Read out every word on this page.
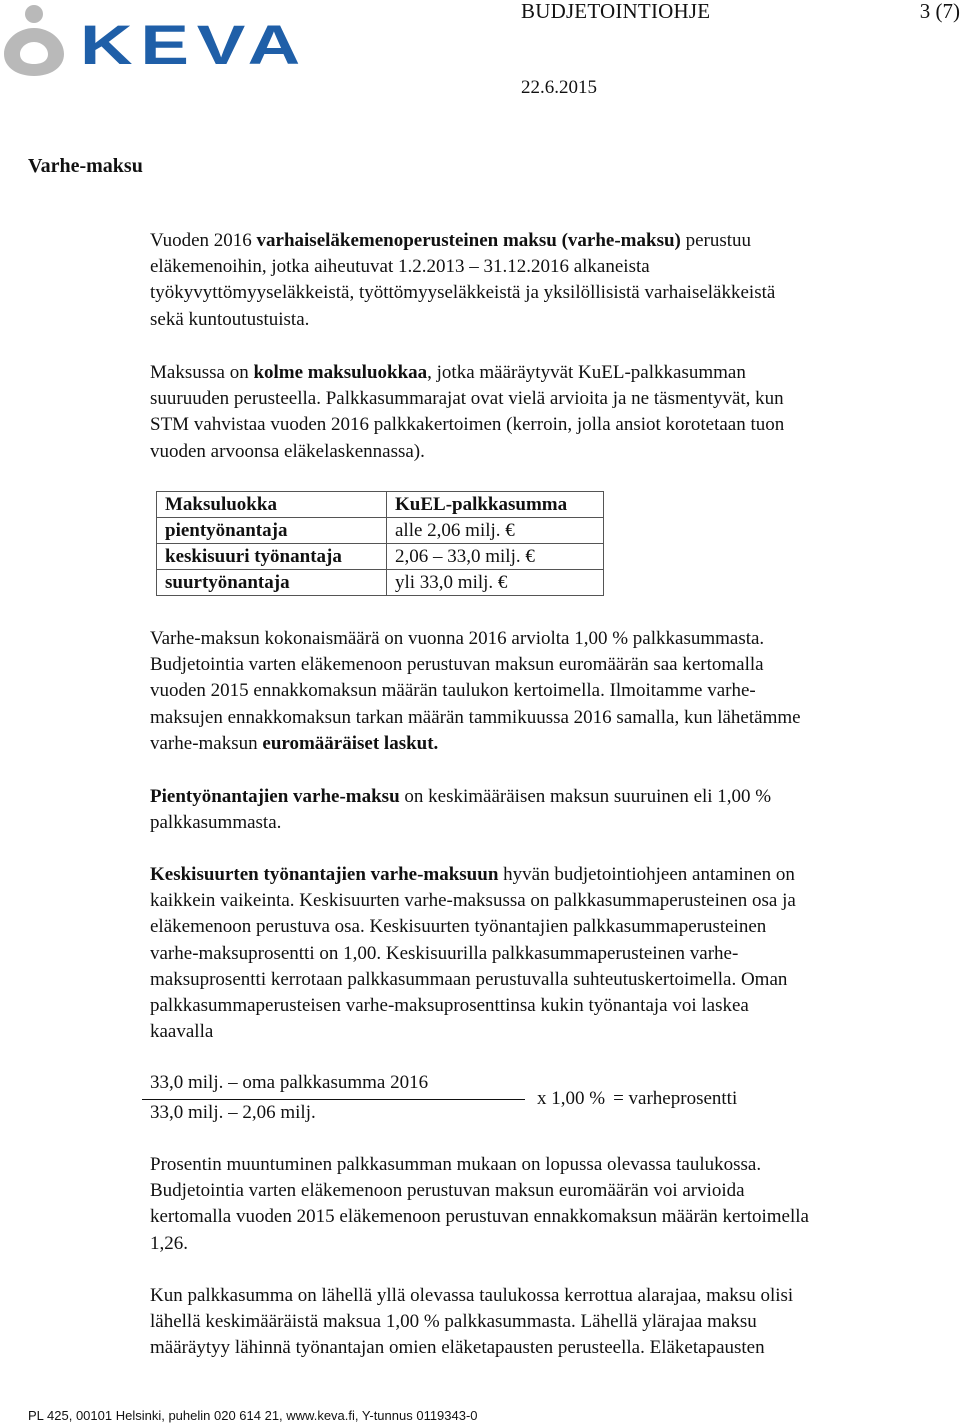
KEVA
BUDJETOINTIOHJE	3 (7)
22.6.2015
Varhe-maksu

Vuoden 2016 varhaiseläkemenoperusteinen maksu (varhe-maksu) perustuu
eläkemenoihin, jotka aiheutuvat 1.2.2013 – 31.12.2016 alkaneista
työkyvyttömyyseläkkeistä, työttömyyseläkkeistä ja yksilöllisistä varhaiseläkkeistä
sekä kuntoutustuista.

Maksussa on kolme maksuluokkaa, jotka määräytyvät KuEL-palkkasumman
suuruuden perusteella. Palkkasummarajat ovat vielä arvioita ja ne täsmentyvät, kun
STM vahvistaa vuoden 2016 palkkakertoimen (kerroin, jolla ansiot korotetaan tuon
vuoden arvoonsa eläkelaskennassa).

Maksuluokka	KuEL-palkkasumma
pientyönantaja	alle 2,06 milj. €
keskisuuri työnantaja	2,06 – 33,0 milj. €
suurtyönantaja	yli 33,0 milj. €

Varhe-maksun kokonaismäärä on vuonna 2016 arviolta 1,00 % palkkasummasta.
Budjetointia varten eläkemenoon perustuvan maksun euromäärän saa kertomalla
vuoden 2015 ennakkomaksun määrän taulukon kertoimella. Ilmoitamme varhe-
maksujen ennakkomaksun tarkan määrän tammikuussa 2016 samalla, kun lähetämme
varhe-maksun euromääräiset laskut.

Pientyönantajien varhe-maksu on keskimääräisen maksun suuruinen eli 1,00 %
palkkasummasta.

Keskisuurten työnantajien varhe-maksuun hyvän budjetointiohjeen antaminen on
kaikkein vaikeinta. Keskisuurten varhe-maksussa on palkkasummaperusteinen osa ja
eläkemenoon perustuva osa. Keskisuurten työnantajien palkkasummaperusteinen
varhe-maksuprosentti on 1,00. Keskisuurilla palkkasummaperusteinen varhe-
maksuprosentti kerrotaan palkkasummaan perustuvalla suhteutuskertoimella. Oman
palkkasummaperusteisen varhe-maksuprosenttinsa kukin työnantaja voi laskea
kaavalla

33,0 milj. – oma palkkasumma 2016
33,0 milj. – 2,06 milj.
x 1,00 % = varheprosentti

Prosentin muuntuminen palkkasumman mukaan on lopussa olevassa taulukossa.
Budjetointia varten eläkemenoon perustuvan maksun euromäärän voi arvioida
kertomalla vuoden 2015 eläkemenoon perustuvan ennakkomaksun määrän kertoimella
1,26.

Kun palkkasumma on lähellä yllä olevassa taulukossa kerrottua alarajaa, maksu olisi
lähellä keskimääräistä maksua 1,00 % palkkasummasta. Lähellä ylärajaa maksu
määräytyy lähinnä työnantajan omien eläketapausten perusteella. Eläketapausten

PL 425, 00101 Helsinki, puhelin 020 614 21, www.keva.fi, Y-tunnus 0119343-0
